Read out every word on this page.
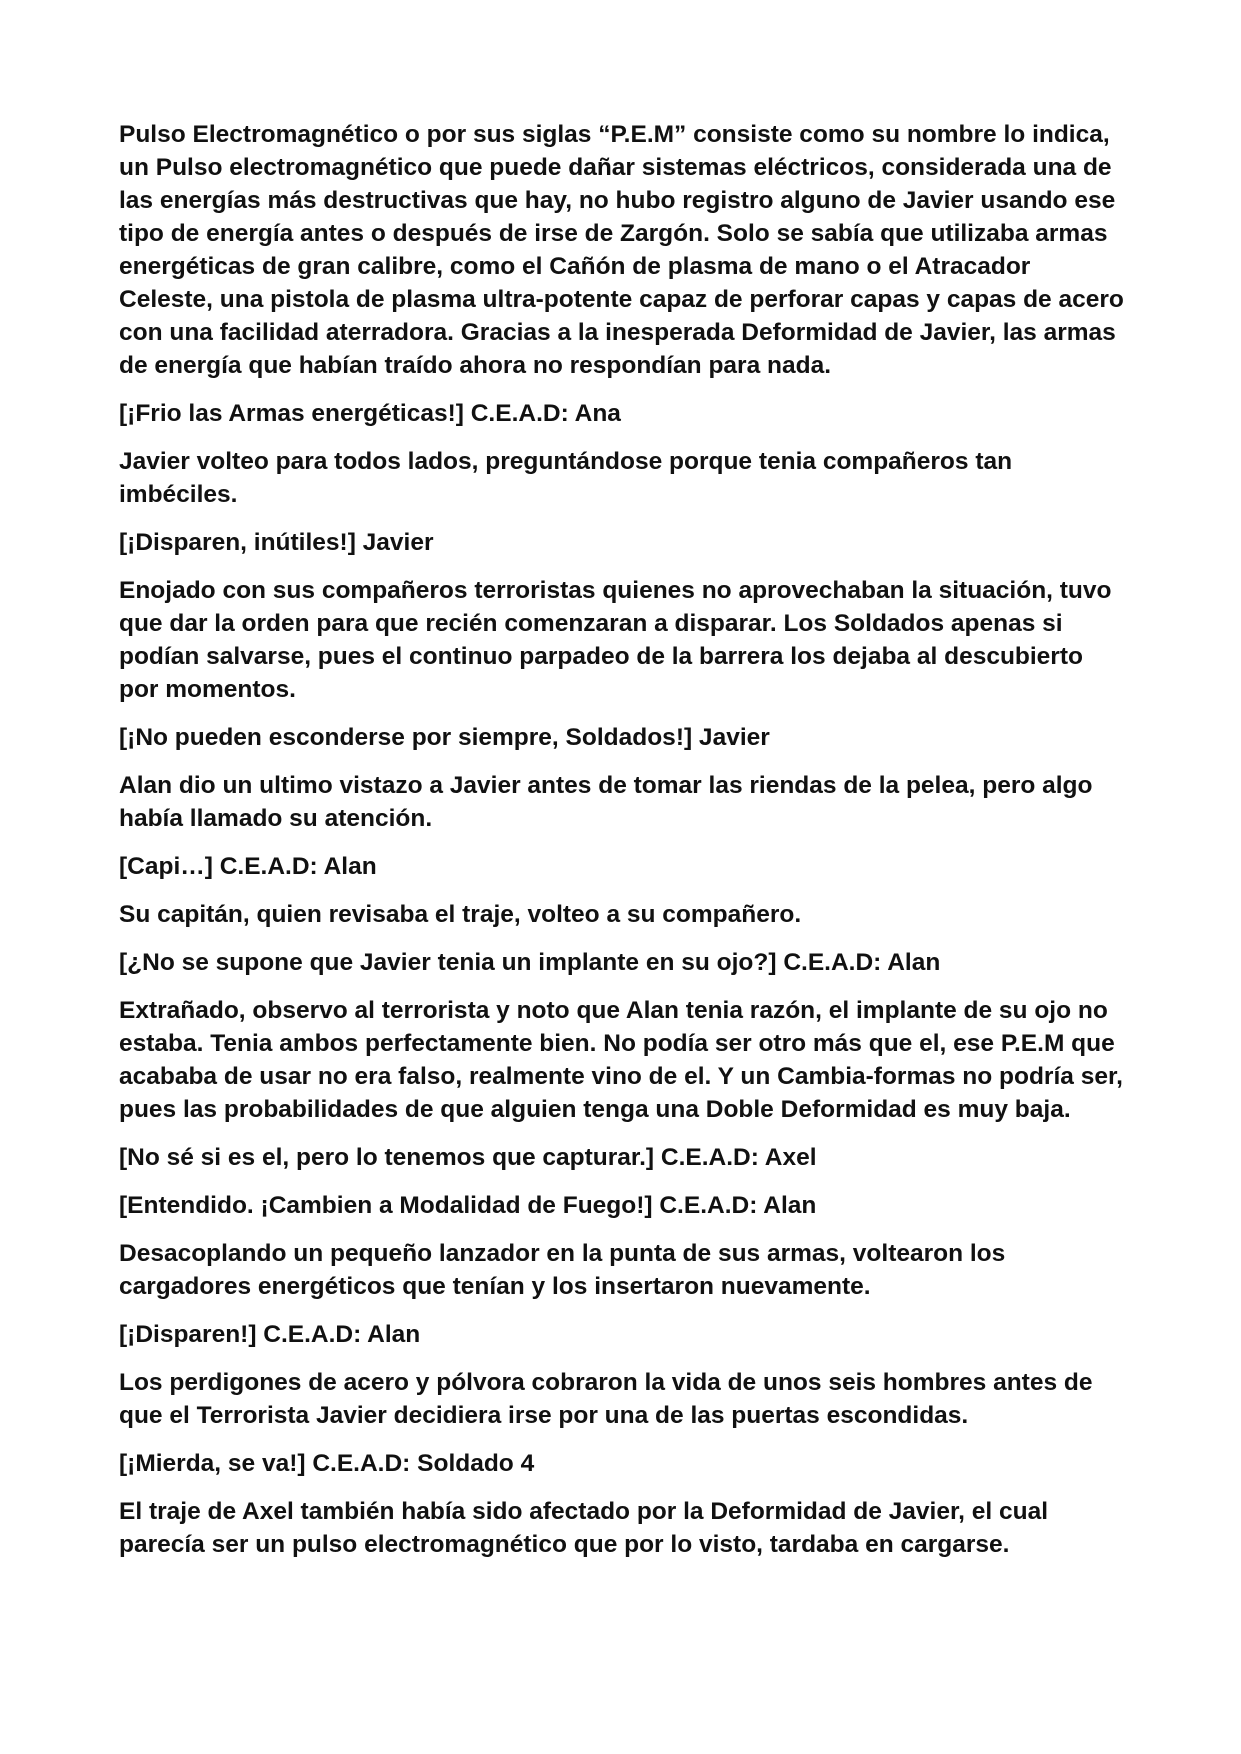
Pulso Electromagnético o por sus siglas “P.E.M” consiste como su nombre lo indica, un Pulso electromagnético que puede dañar sistemas eléctricos, considerada una de las energías más destructivas que hay, no hubo registro alguno de Javier usando ese tipo de energía antes o después de irse de Zargón. Solo se sabía que utilizaba armas energéticas de gran calibre, como el Cañón de plasma de mano o el Atracador Celeste, una pistola de plasma ultra-potente capaz de perforar capas y capas de acero con una facilidad aterradora. Gracias a la inesperada Deformidad de Javier, las armas de energía que habían traído ahora no respondían para nada.

[¡Frio las Armas energéticas!] C.E.A.D: Ana

Javier volteo para todos lados, preguntándose porque tenia compañeros tan imbéciles.

[¡Disparen, inútiles!] Javier

Enojado con sus compañeros terroristas quienes no aprovechaban la situación, tuvo que dar la orden para que recién comenzaran a disparar. Los Soldados apenas si podían salvarse, pues el continuo parpadeo de la barrera los dejaba al descubierto por momentos.

[¡No pueden esconderse por siempre, Soldados!] Javier

Alan dio un ultimo vistazo a Javier antes de tomar las riendas de la pelea, pero algo había llamado su atención.

[Capi…] C.E.A.D: Alan

Su capitán, quien revisaba el traje, volteo a su compañero.

[¿No se supone que Javier tenia un implante en su ojo?] C.E.A.D: Alan

Extrañado, observo al terrorista y noto que Alan tenia razón, el implante de su ojo no estaba. Tenia ambos perfectamente bien. No podía ser otro más que el, ese P.E.M que acababa de usar no era falso, realmente vino de el. Y un Cambia-formas no podría ser, pues las probabilidades de que alguien tenga una Doble Deformidad es muy baja.

[No sé si es el, pero lo tenemos que capturar.] C.E.A.D: Axel

[Entendido. ¡Cambien a Modalidad de Fuego!] C.E.A.D: Alan

Desacoplando un pequeño lanzador en la punta de sus armas, voltearon los cargadores energéticos que tenían y los insertaron nuevamente.

[¡Disparen!] C.E.A.D: Alan

Los perdigones de acero y pólvora cobraron la vida de unos seis hombres antes de que el Terrorista Javier decidiera irse por una de las puertas escondidas.

[¡Mierda, se va!] C.E.A.D: Soldado 4

El traje de Axel también había sido afectado por la Deformidad de Javier, el cual parecía ser un pulso electromagnético que por lo visto, tardaba en cargarse.
